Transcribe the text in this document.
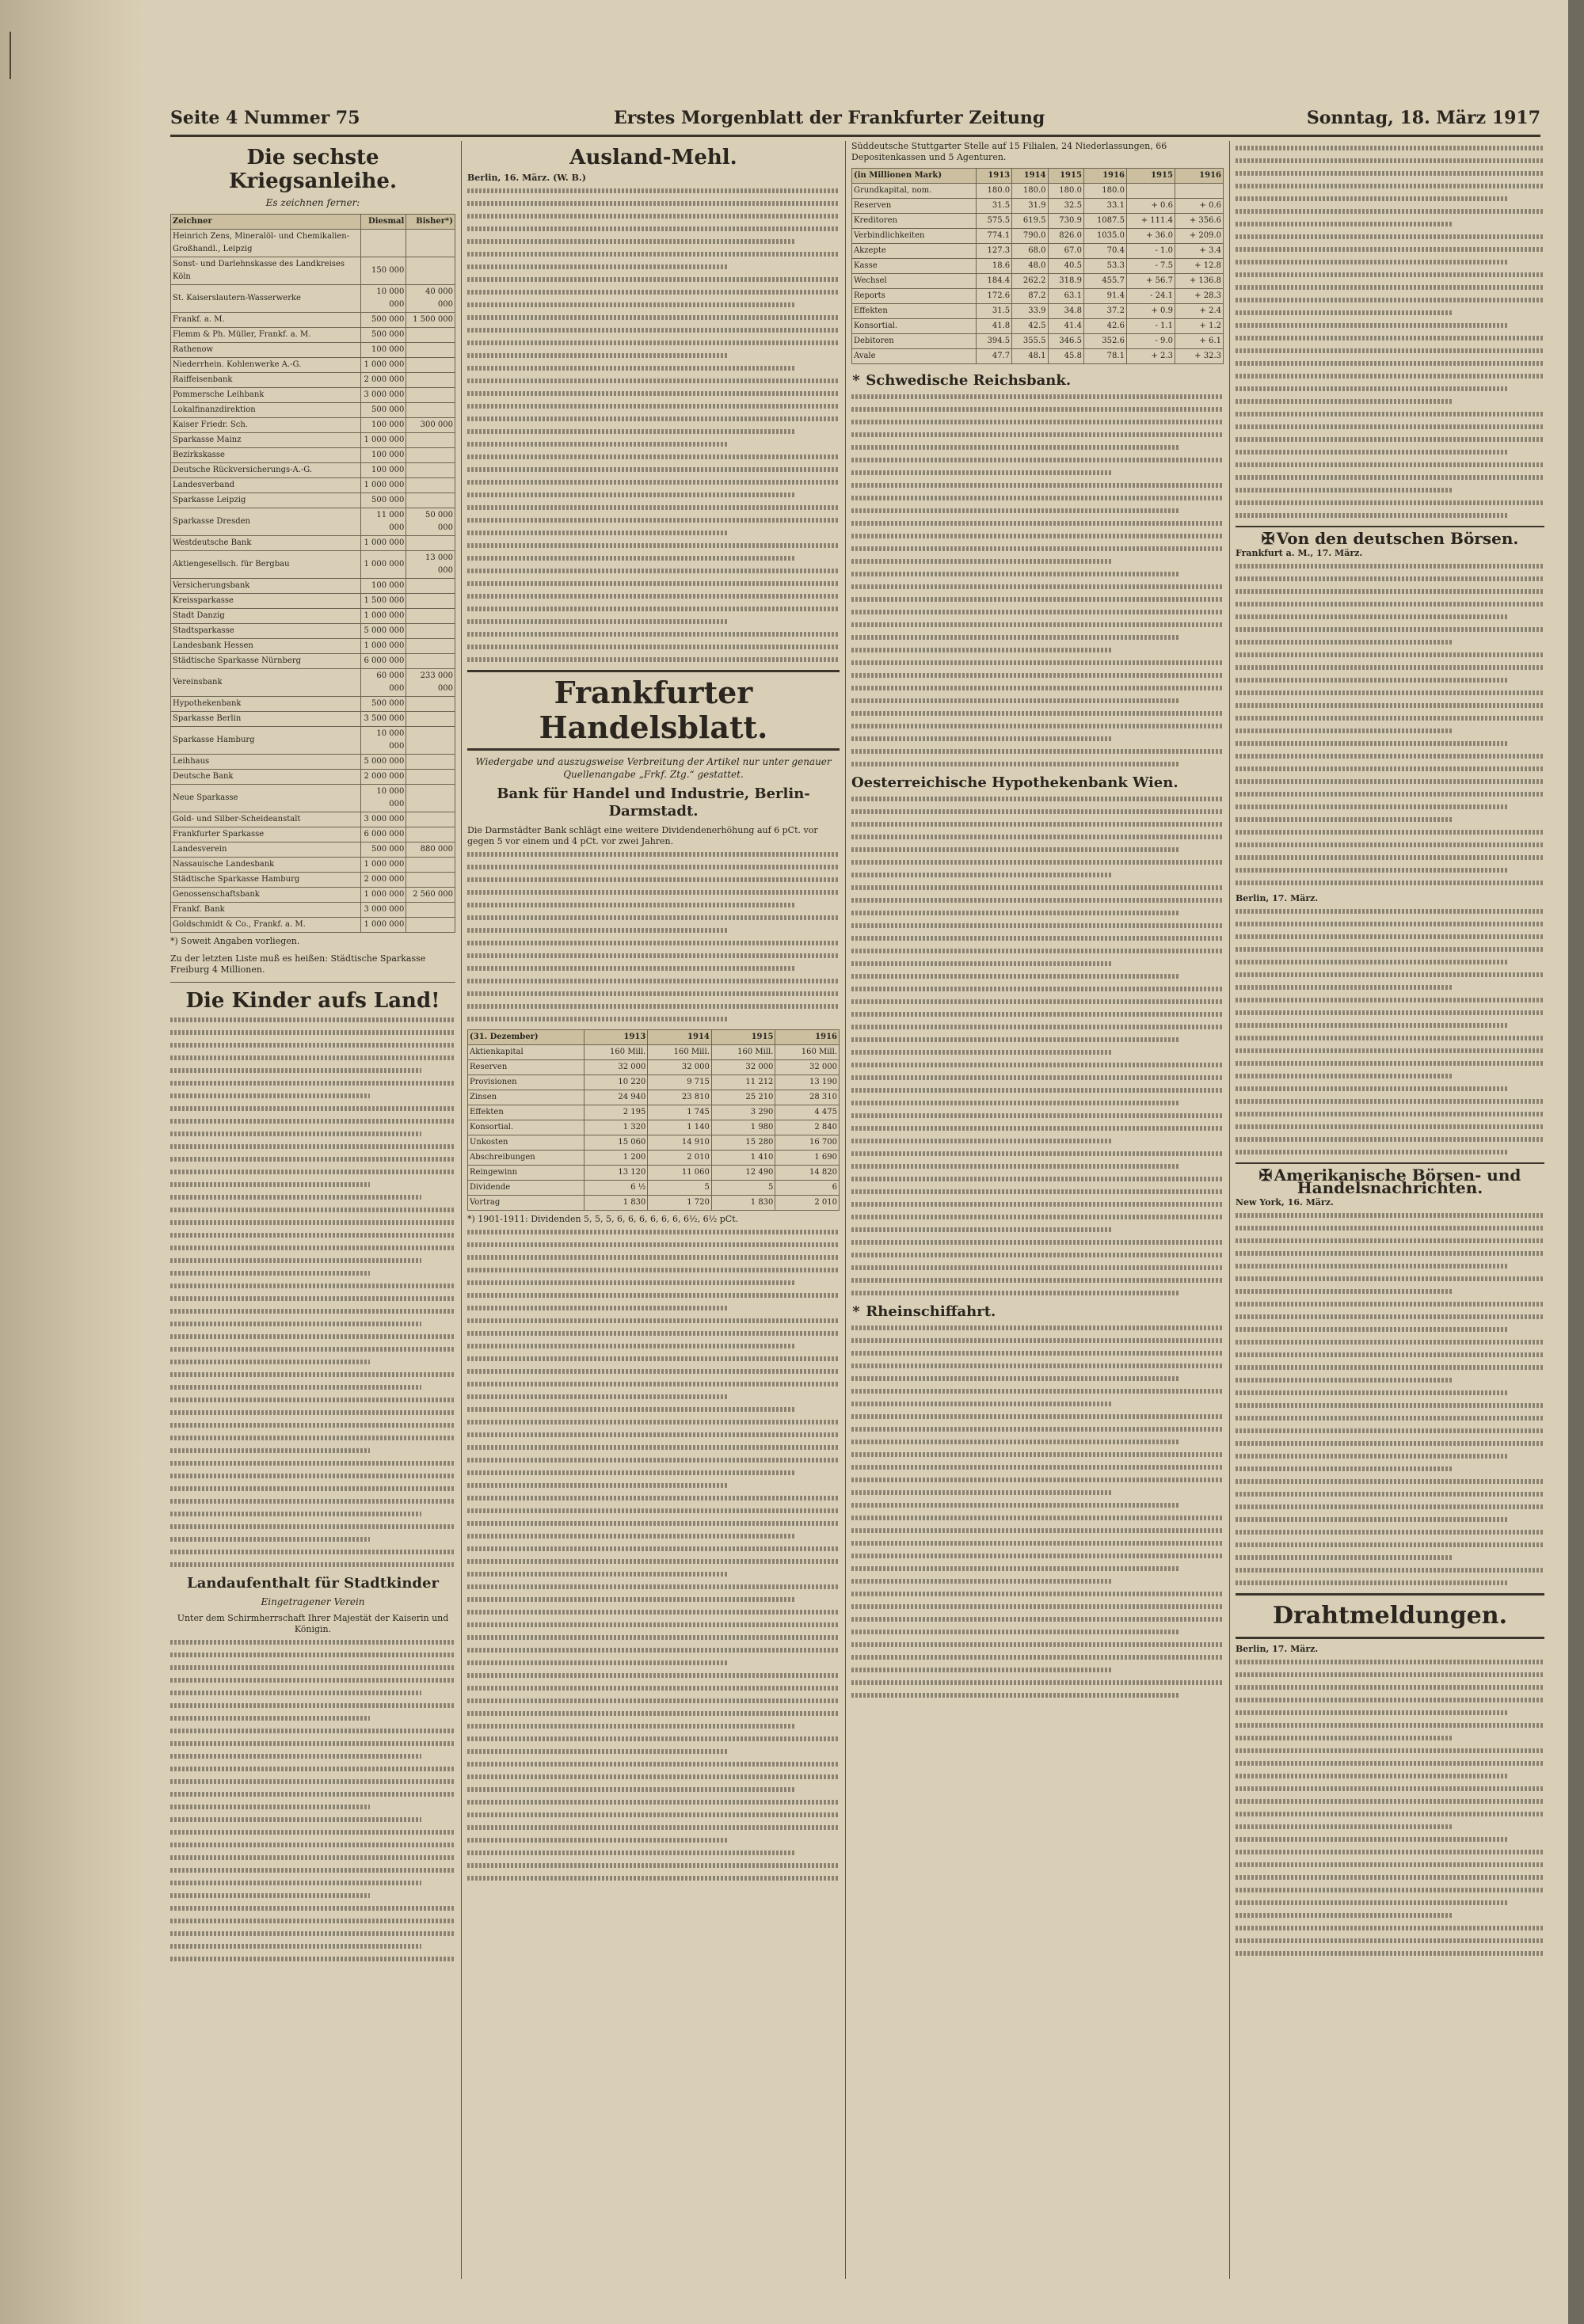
Seite 4 Nummer 75	Erstes Morgenblatt der Frankfurter Zeitung	Sonntag, 18. März 1917
Die sechste Kriegsanleihe.
Es zeichnen ferner:
Zeichner	Diesmal	Bisher*)
Heinrich Zens, Mineralöl- und Chemikalien-Großhandl., Leipzig		
Sonst- und Darlehnskasse des Landkreises Köln	150 000	
St. Kaiserslautern-Wasserwerke	10 000 000	40 000 000
Frankf. a. M.	500 000	1 500 000
Flemm & Ph. Müller, Frankf. a. M.	500 000	
Rathenow	100 000	
Niederrhein. Kohlenwerke A.-G.	1 000 000	
Raiffeisenbank	2 000 000	
Pommersche Leihbank	3 000 000	
Lokalfinanzdirektion	500 000	
Kaiser Friedr. Sch.	100 000	300 000
Sparkasse Mainz	1 000 000	
Bezirkskasse	100 000	
Deutsche Rückversicherungs-A.-G.	100 000	
Landesverband	1 000 000	
Sparkasse Leipzig	500 000	
Sparkasse Dresden	11 000 000	50 000 000
Westdeutsche Bank	1 000 000	
Aktiengesellsch. für Bergbau	1 000 000	13 000 000
Versicherungsbank	100 000	
Kreissparkasse	1 500 000	
Stadt Danzig	1 000 000	
Stadtsparkasse	5 000 000	
Landesbank Hessen	1 000 000	
Städtische Sparkasse Nürnberg	6 000 000	
Vereinsbank	60 000 000	233 000 000
Hypothekenbank	500 000	
Sparkasse Berlin	3 500 000	
Sparkasse Hamburg	10 000 000	
Leihhaus	5 000 000	
Deutsche Bank	2 000 000	
Neue Sparkasse	10 000 000	
Gold- und Silber-Scheideanstalt	3 000 000	
Frankfurter Sparkasse	6 000 000	
Landesverein	500 000	880 000
Nassauische Landesbank	1 000 000	
Städtische Sparkasse Hamburg	2 000 000	
Genossenschaftsbank	1 000 000	2 560 000
Frankf. Bank	3 000 000	
Goldschmidt & Co., Frankf. a. M.	1 000 000	
*) Soweit Angaben vorliegen.
Zu der letzten Liste muß es heißen: Städtische Sparkasse Freiburg 4 Millionen.
Die Kinder aufs Land!
Landaufenthalt für Stadtkinder
Eingetragener Verein
Unter dem Schirmherrschaft Ihrer Majestät der Kaiserin und Königin.
Ausland-Mehl.
Berlin, 16. März. (W. B.)
Frankfurter Handelsblatt.
Wiedergabe und auszugsweise Verbreitung der Artikel nur unter genauer Quellenangabe „Frkf. Ztg.“ gestattet.
Bank für Handel und Industrie, Berlin-Darmstadt.
Die Darmstädter Bank schlägt eine weitere Dividendenerhöhung auf 6 pCt. vor gegen 5 vor einem und 4 pCt. vor zwei Jahren.
(31. Dezember)	1913	1914	1915	1916
Aktienkapital	160 Mill.	160 Mill.	160 Mill.	160 Mill.
Reserven	32 000	32 000	32 000	32 000
Provisionen	10 220	9 715	11 212	13 190
Zinsen	24 940	23 810	25 210	28 310
Effekten	2 195	1 745	3 290	4 475
Konsortial.	1 320	1 140	1 980	2 840
Unkosten	15 060	14 910	15 280	16 700
Abschreibungen	1 200	2 010	1 410	1 690
Reingewinn	13 120	11 060	12 490	14 820
Dividende	6 ½	5	5	6
Vortrag	1 830	1 720	1 830	2 010
*) 1901-1911: Dividenden 5, 5, 5, 6, 6, 6, 6, 6, 6, 6½, 6½ pCt.
Süddeutsche Stuttgarter Stelle auf 15 Filialen, 24 Niederlassungen, 66 Depositenkassen und 5 Agenturen.
(in Millionen Mark)	1913	1914	1915	1916	1915	1916
Grundkapital, nom.	180.0	180.0	180.0	180.0		
Reserven	31.5	31.9	32.5	33.1	+ 0.6	+ 0.6
Kreditoren	575.5	619.5	730.9	1087.5	+ 111.4	+ 356.6
Verbindlichkeiten	774.1	790.0	826.0	1035.0	+ 36.0	+ 209.0
Akzepte	127.3	68.0	67.0	70.4	- 1.0	+ 3.4
Kasse	18.6	48.0	40.5	53.3	- 7.5	+ 12.8
Wechsel	184.4	262.2	318.9	455.7	+ 56.7	+ 136.8
Reports	172.6	87.2	63.1	91.4	- 24.1	+ 28.3
Effekten	31.5	33.9	34.8	37.2	+ 0.9	+ 2.4
Konsortial.	41.8	42.5	41.4	42.6	- 1.1	+ 1.2
Debitoren	394.5	355.5	346.5	352.6	- 9.0	+ 6.1
Avale	47.7	48.1	45.8	78.1	+ 2.3	+ 32.3
* Schwedische Reichsbank.
Oesterreichische Hypothekenbank Wien.
* Rheinschiffahrt.
✠ Von den deutschen Börsen.
Frankfurt a. M., 17. März.
Berlin, 17. März.
✠ Amerikanische Börsen- und Handelsnachrichten.
New York, 16. März.
Drahtmeldungen.
Berlin, 17. März.
